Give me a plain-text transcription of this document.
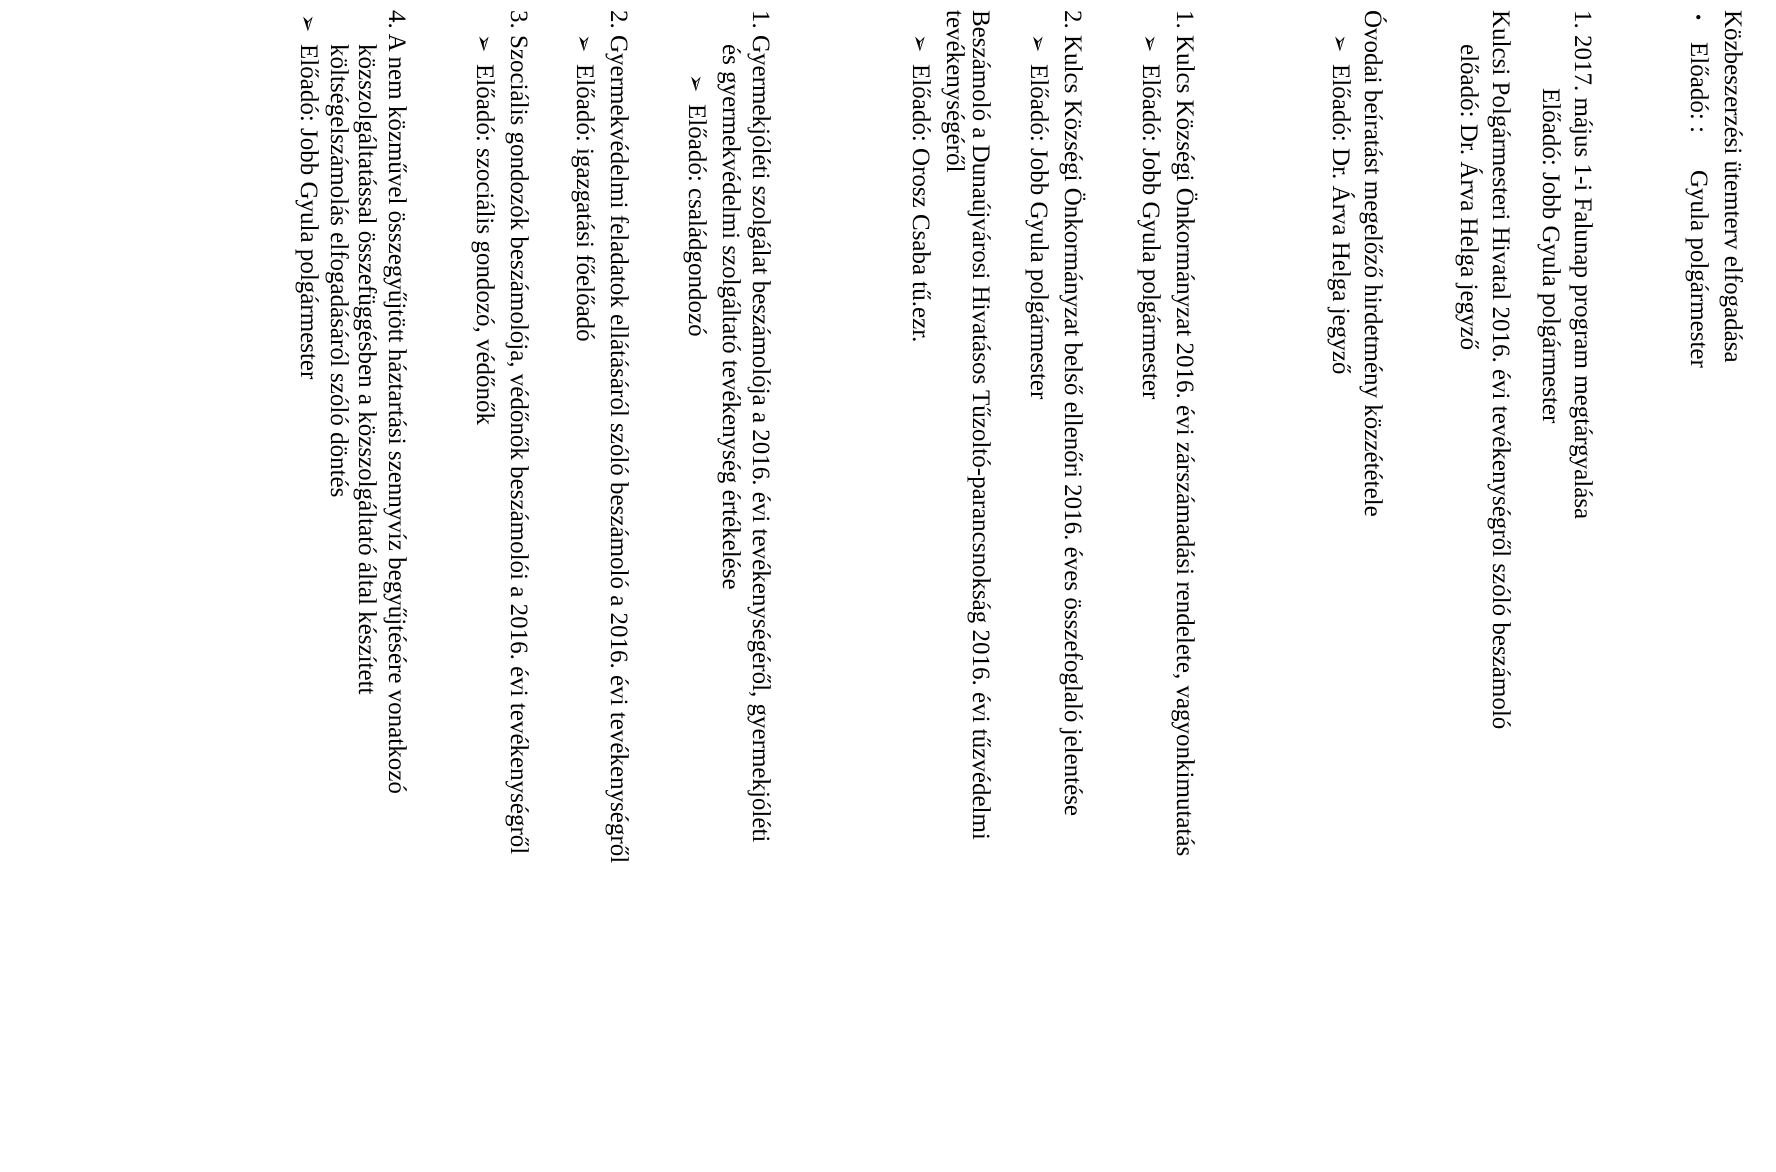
Közbeszerzési ütemterv elfogadása
•
Előadó: :
Gyula polgármester
1. 2017. május 1-i Falunap program megtárgyalása
Előadó: Jobb Gyula polgármester
Kulcsi Polgármesteri Hivatal 2016. évi tevékenységről szóló beszámoló
előadó: Dr. Árva Helga jegyző
Óvodai beíratást megelőző hirdetmény közzététele
➢
Előadó: Dr. Árva Helga jegyző
1. Kulcs Községi Önkormányzat 2016. évi zárszámadási rendelete, vagyonkimutatás
➢
Előadó: Jobb Gyula polgármester
2. Kulcs Községi Önkormányzat belső ellenőri 2016. éves összefoglaló jelentése
➢
Előadó: Jobb Gyula polgármester
Beszámoló a Dunaújvárosi Hivatásos Tűzoltó-parancsnokság 2016. évi tűzvédelmi
tevékenységéről
➢
Előadó: Orosz Csaba tű.ezr.
1. Gyermekjóléti szolgálat beszámolója a 2016. évi tevékenységéről, gyermekjóléti
és gyermekvédelmi szolgáltató tevékenység értékelése
➢
Előadó: családgondozó
2. Gyermekvédelmi feladatok ellátásáról szóló beszámoló a 2016. évi tevékenységről
➢
Előadó: igazgatási főelőadó
3. Szociális gondozók beszámolója, védőnők beszámolói a 2016. évi tevékenységről
➢
Előadó: szociális gondozó, védőnők
4. A nem közművel összegyűjtött háztartási szennyvíz begyűjtésére vonatkozó
közszolgáltatással összefüggésben a közszolgáltató által készített
költségelszámolás elfogadásáról szóló döntés
➢
Előadó: Jobb Gyula polgármester
